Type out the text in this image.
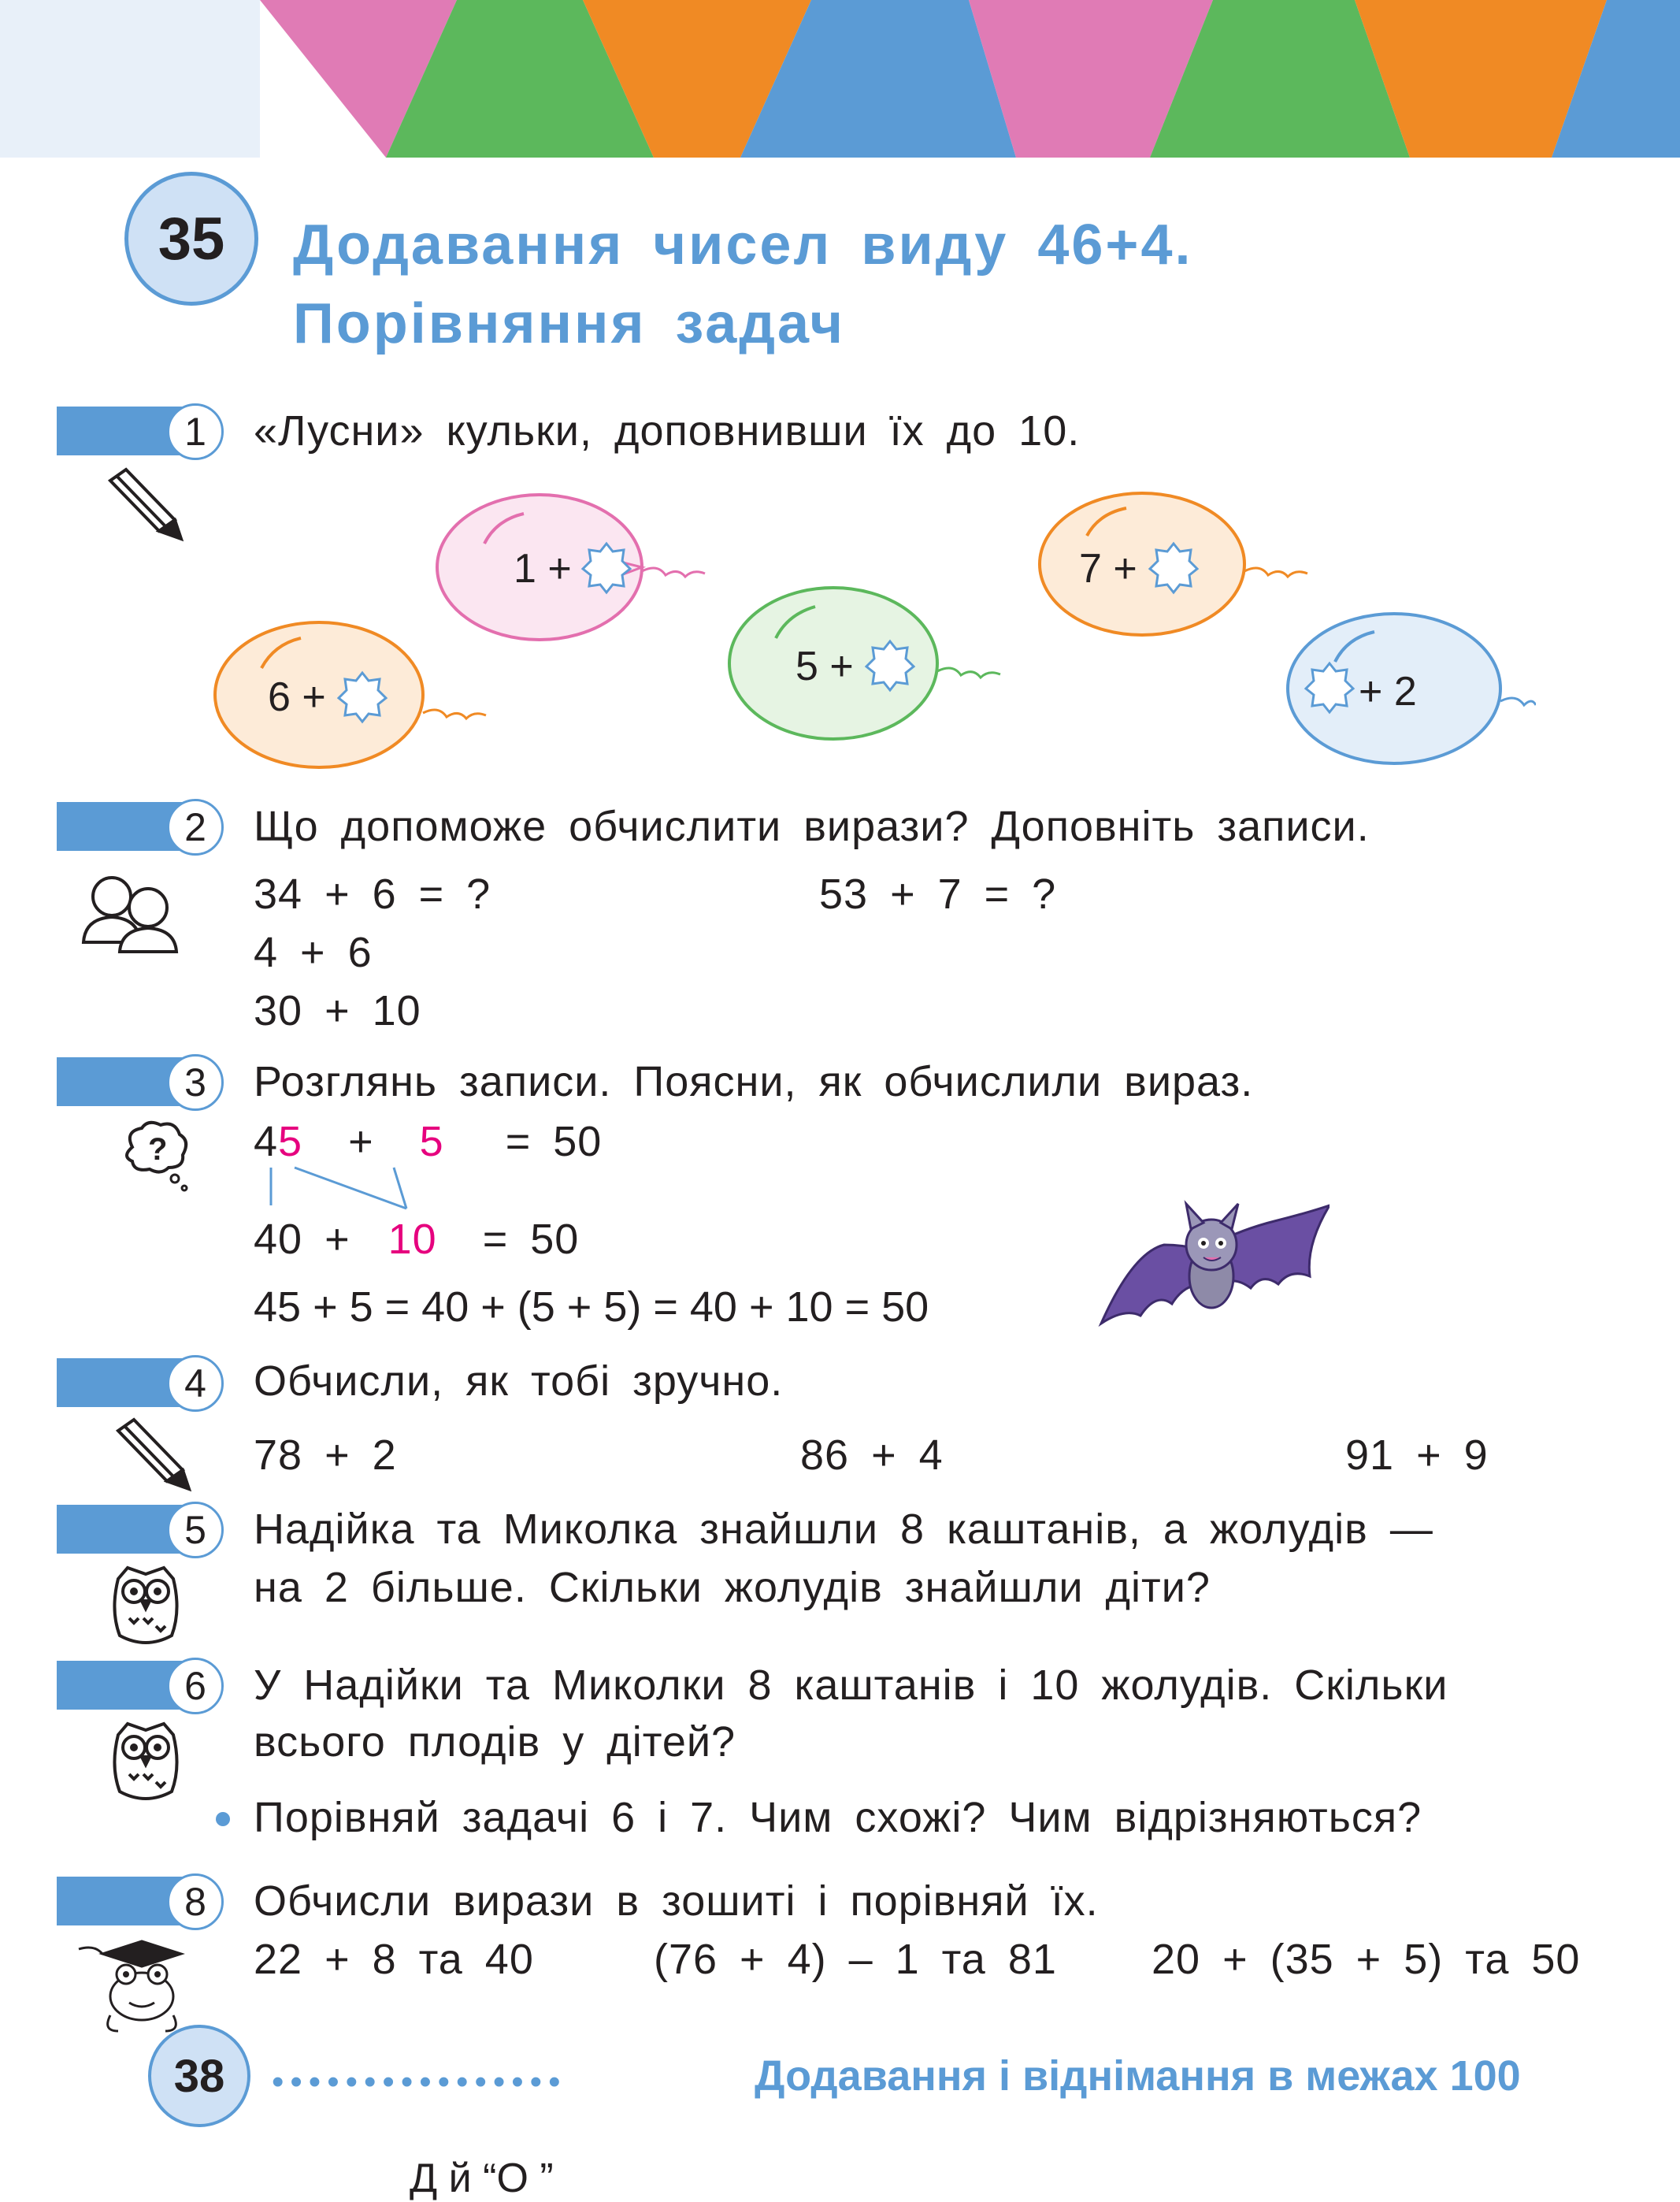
35	Додавання чисел виду 46+4.
Порівняння задач
1	«Лусни» кульки, доповнивши їх до 10.
1 +	7 +
5 +
6 +	+ 2
2	Що допоможе обчислити вирази? Доповніть записи.
34 + 6 = ?	53 + 7 = ?
4 + 6
30 + 10
3	Розглянь записи. Поясни, як обчислили вираз.
? 45 + 5 = 50
40 + 10 = 50
45 + 5 = 40 + (5 + 5) = 40 + 10 = 50
4	Обчисли, як тобі зручно.
78 + 2	86 + 4	91 + 9
5	Надійка та Миколка знайшли 8 каштанів, а жолудів —
на 2 більше. Скільки жолудів знайшли діти?
6	У Надійки та Миколки 8 каштанів і 10 жолудів. Скільки
всього плодів у дітей?
Порівняй задачі 6 і 7. Чим схожі? Чим відрізняються?
8	Обчисли вирази в зошиті і порівняй їх.
22 + 8 та 40	(76 + 4) – 1 та 81 20 + (35 + 5) та 50
38	••••••••••••••••	Додавання і віднімання в межах 100
Д й “О ”
